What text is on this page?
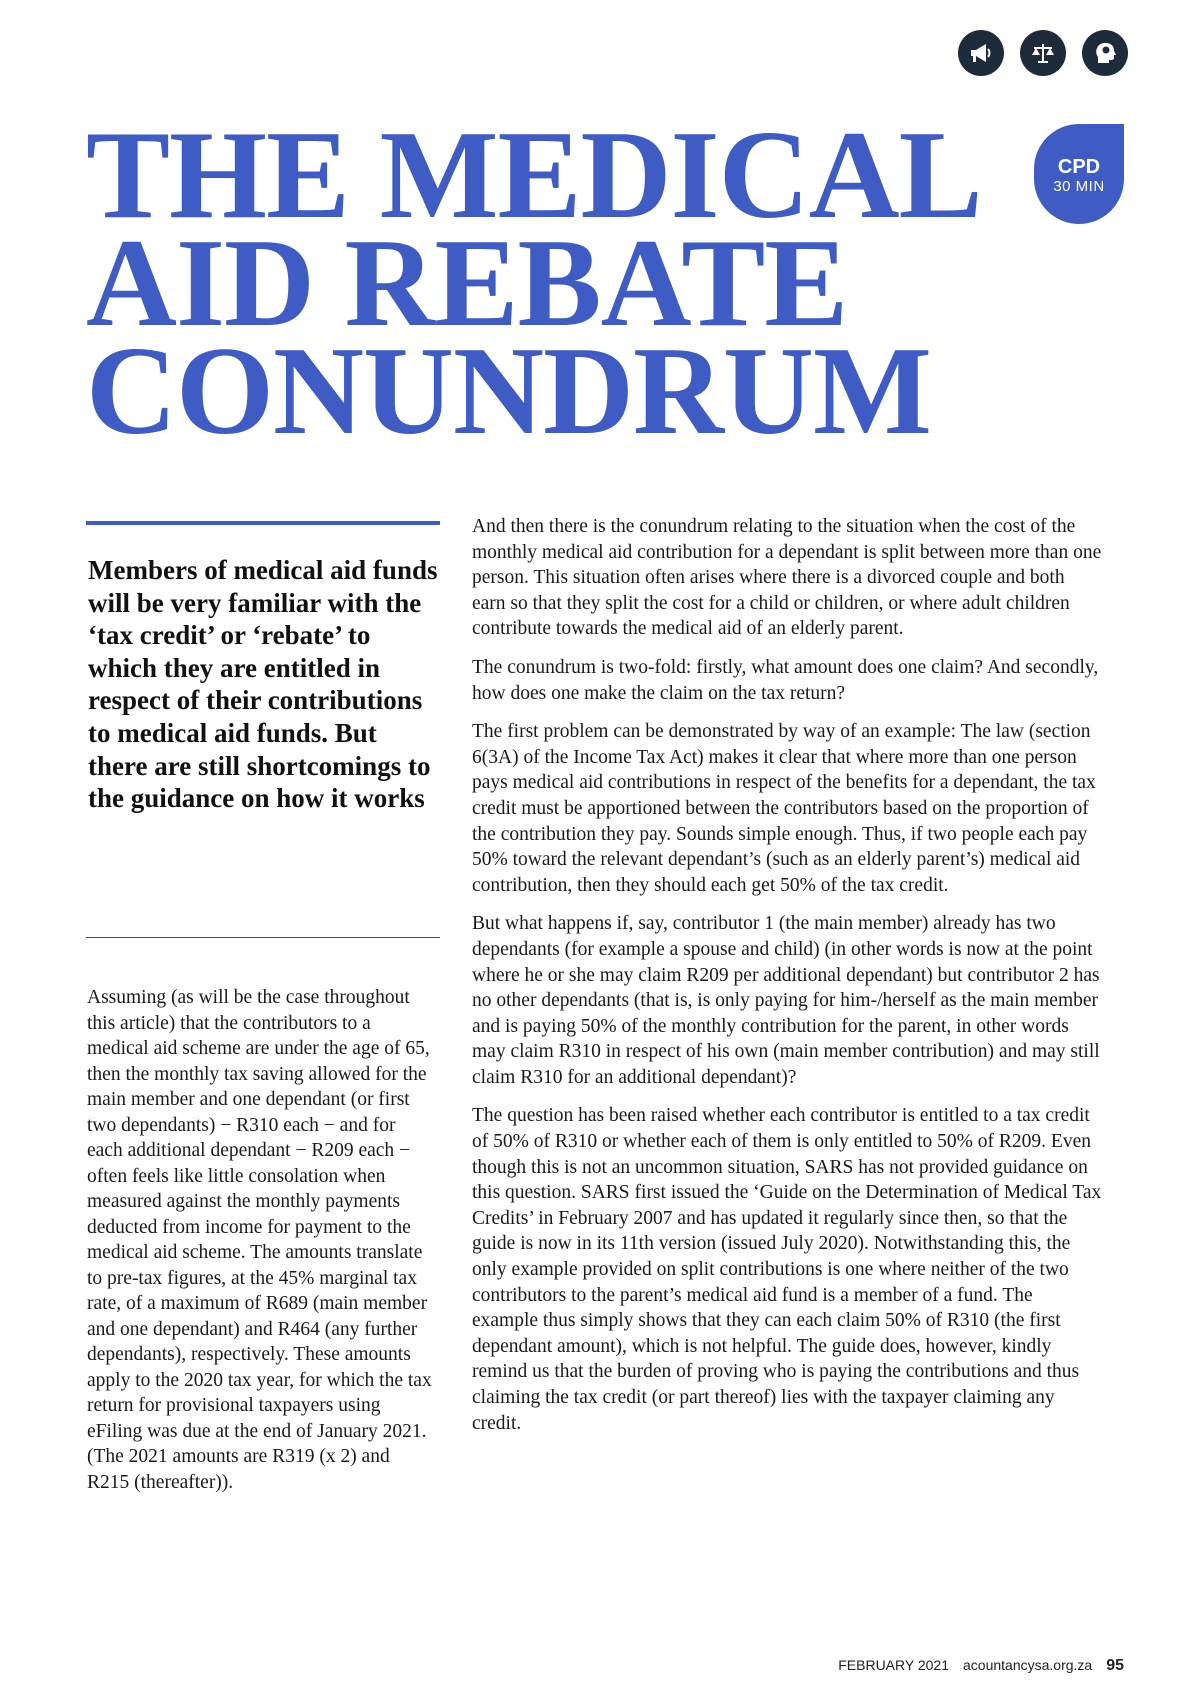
THE MEDICAL
AID REBATE
CONUNDRUM
CPD
30 MIN

Members of medical aid funds will be very familiar with the ‘tax credit’ or ‘rebate’ to which they are entitled in respect of their contributions to medical aid funds. But there are still shortcomings to the guidance on how it works

Assuming (as will be the case throughout this article) that the contributors to a medical aid scheme are under the age of 65, then the monthly tax saving allowed for the main member and one dependant (or first two dependants) − R310 each − and for each additional dependant − R209 each − often feels like little consolation when measured against the monthly payments deducted from income for payment to the medical aid scheme. The amounts translate to pre-tax figures, at the 45% marginal tax rate, of a maximum of R689 (main member and one dependant) and R464 (any further dependants), respectively. These amounts apply to the 2020 tax year, for which the tax return for provisional taxpayers using eFiling was due at the end of January 2021. (The 2021 amounts are R319 (x 2) and R215 (thereafter)).

And then there is the conundrum relating to the situation when the cost of the monthly medical aid contribution for a dependant is split between more than one person. This situation often arises where there is a divorced couple and both earn so that they split the cost for a child or children, or where adult children contribute towards the medical aid of an elderly parent.

The conundrum is two-fold: firstly, what amount does one claim? And secondly, how does one make the claim on the tax return?

The first problem can be demonstrated by way of an example: The law (section 6(3A) of the Income Tax Act) makes it clear that where more than one person pays medical aid contributions in respect of the benefits for a dependant, the tax credit must be apportioned between the contributors based on the proportion of the contribution they pay. Sounds simple enough. Thus, if two people each pay 50% toward the relevant dependant’s (such as an elderly parent’s) medical aid contribution, then they should each get 50% of the tax credit.

But what happens if, say, contributor 1 (the main member) already has two dependants (for example a spouse and child) (in other words is now at the point where he or she may claim R209 per additional dependant) but contributor 2 has no other dependants (that is, is only paying for him-/herself as the main member and is paying 50% of the monthly contribution for the parent, in other words may claim R310 in respect of his own (main member contribution) and may still claim R310 for an additional dependant)?

The question has been raised whether each contributor is entitled to a tax credit of 50% of R310 or whether each of them is only entitled to 50% of R209. Even though this is not an uncommon situation, SARS has not provided guidance on this question. SARS first issued the ‘Guide on the Determination of Medical Tax Credits’ in February 2007 and has updated it regularly since then, so that the guide is now in its 11th version (issued July 2020). Notwithstanding this, the only example provided on split contributions is one where neither of the two contributors to the parent’s medical aid fund is a member of a fund. The example thus simply shows that they can each claim 50% of R310 (the first dependant amount), which is not helpful. The guide does, however, kindly remind us that the burden of proving who is paying the contributions and thus claiming the tax credit (or part thereof) lies with the taxpayer claiming any credit.

FEBRUARY 2021 acountancysa.org.za 95
